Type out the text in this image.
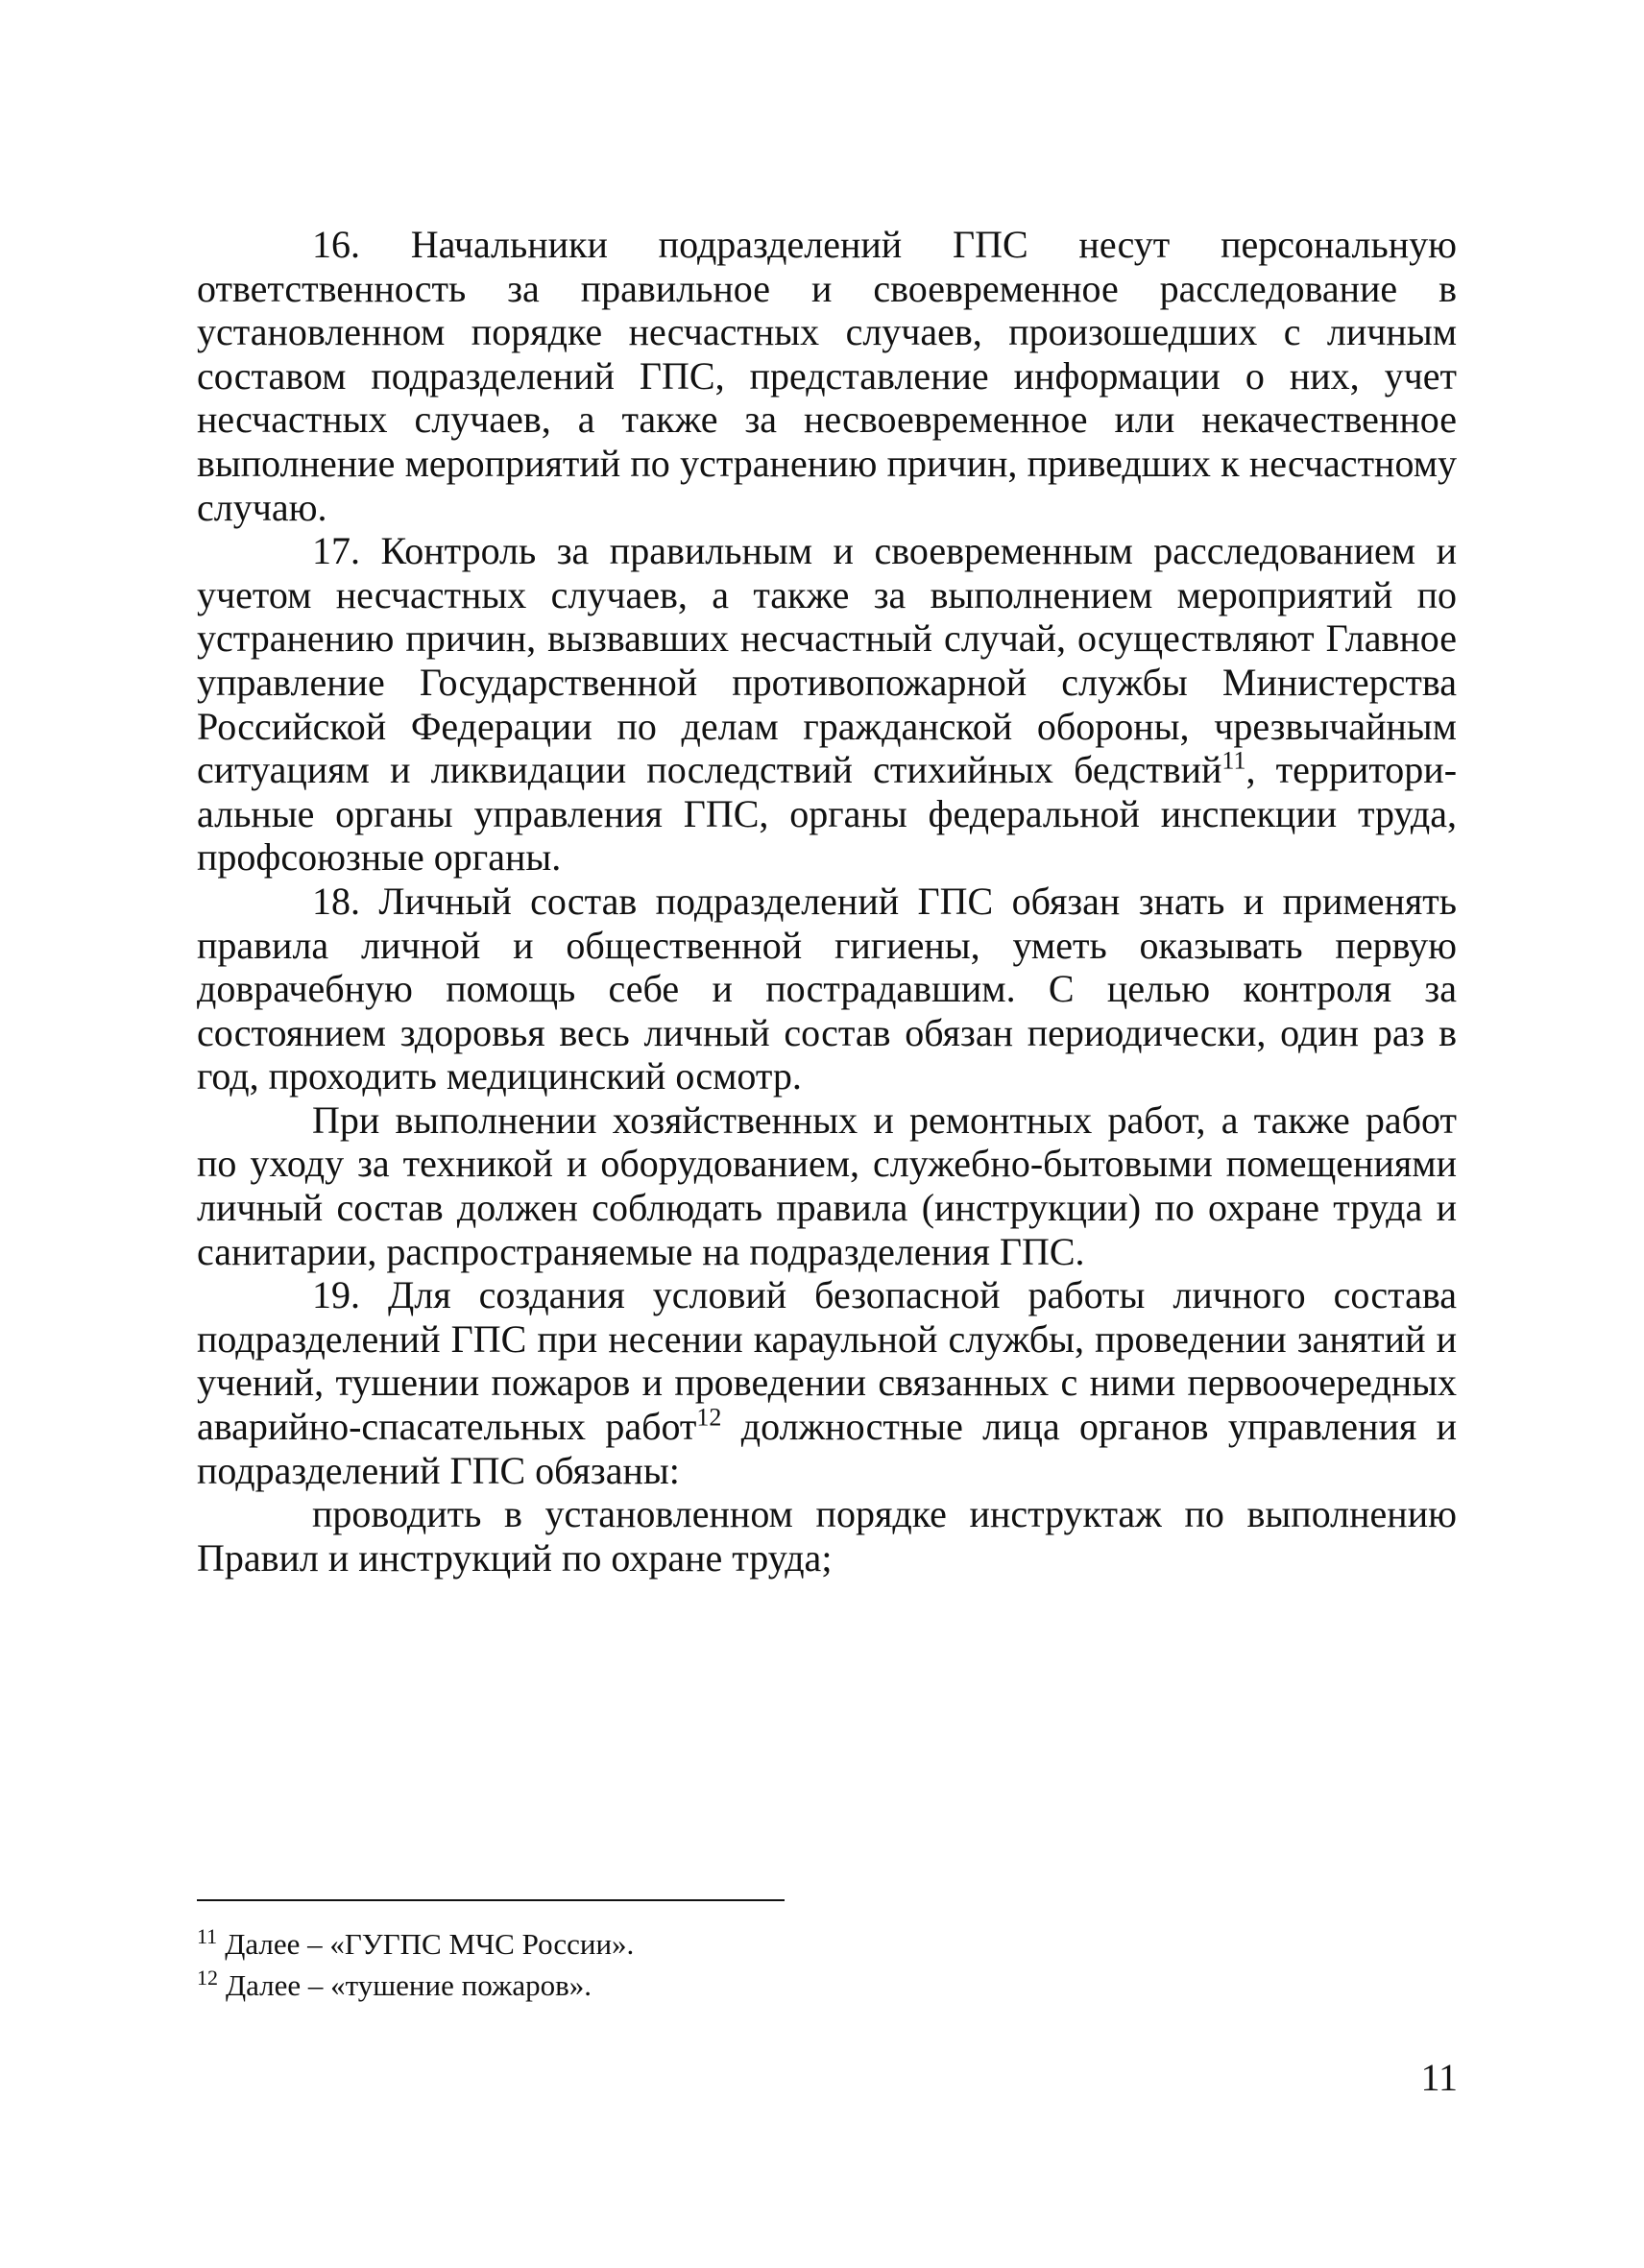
16. Начальники подразделений ГПС несут персональную ответственность за правильное и своевременное расследование в установленном порядке несчастных случаев, произошедших с личным составом подразделений ГПС, представление информации о них, учет несчастных случаев, а также за несвоевременное или некачественное выполнение мероприятий по устранению причин, приведших к несчастному случаю.

17. Контроль за правильным и своевременным расследованием и учетом несчастных случаев, а также за выполнением мероприятий по устранению причин, вызвавших несчастный случай, осуществляют Главное управление Государственной противопожарной службы Министерства Российской Федерации по делам гражданской обороны, чрезвычайным ситуациям и ликвидации последствий стихийных бедствий$^{11}$, территориальные органы управления ГПС, органы федеральной инспекции труда, профсоюзные органы.

18. Личный состав подразделений ГПС обязан знать и применять правила личной и общественной гигиены, уметь оказывать первую доврачебную помощь себе и пострадавшим. С целью контроля за состоянием здоровья весь личный состав обязан периодически, один раз в год, проходить медицинский осмотр.

При выполнении хозяйственных и ремонтных работ, а также работ по уходу за техникой и оборудованием, служебно-бытовыми помещениями личный состав должен соблюдать правила (инструкции) по охране труда и санитарии, распространяемые на подразделения ГПС.

19. Для создания условий безопасной работы личного состава подразделений ГПС при несении караульной службы, проведении занятий и учений, тушении пожаров и проведении связанных с ними первоочередных аварийно-спасательных работ$^{12}$ должностные лица органов управления и подразделений ГПС обязаны:

проводить в установленном порядке инструктаж по выполнению Правил и инструкций по охране труда;

$^{11}$ Далее – «ГУГПС МЧС России».
$^{12}$ Далее – «тушение пожаров».
11
